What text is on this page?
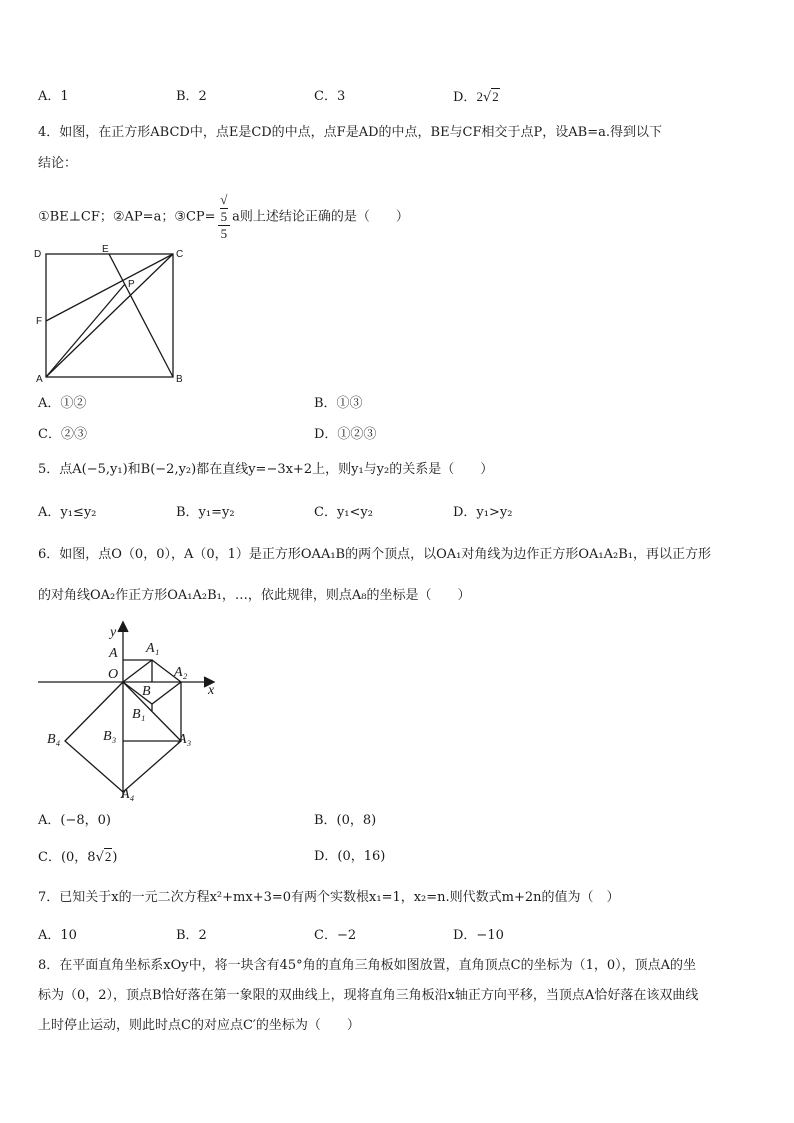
A．1	B．2	C．3	D．2√2
4．如图，在正方形ABCD中，点E是CD的中点，点F是AD的中点，BE与CF相交于点P，设AB=a.得到以下
结论：
①BE⊥CF；②AP=a；③CP= √
5
5 a则上述结论正确的是（　　）
D	E	C
P
F
A	B
A．①②	B．①③
C．②③	D．①②③
5．点A(−5,y₁)和B(−2,y₂)都在直线y=−3x+2上，则y₁与y₂的关系是（　　）
A．y₁≤y₂	B．y₁=y₂	C．y₁<y₂	D．y₁>y₂
6．如图，点O（0，0），A（0，1）是正方形OAA₁B的两个顶点，以OA₁对角线为边作正方形OA₁A₂B₁，再以正方形
的对角线OA₂作正方形OA₁A₂B₁，…，依此规律，则点A₈的坐标是（　　）
y
x
O
A A₁
A₂
B
B₁
B₃	A₃
B₄
A₄
A．(−8，0)	B．(0，8)
C．(0，8√2)	D．(0，16)
7．已知关于x的一元二次方程x²+mx+3=0有两个实数根x₁=1，x₂=n.则代数式m+2n的值为（　）
A．10	B．2	C．−2	D．−10
8．在平面直角坐标系xOy中，将一块含有45°角的直角三角板如图放置，直角顶点C的坐标为（1，0），顶点A的坐
标为（0，2），顶点B恰好落在第一象限的双曲线上，现将直角三角板沿x轴正方向平移，当顶点A恰好落在该双曲线
上时停止运动，则此时点C的对应点C′的坐标为（　　）
